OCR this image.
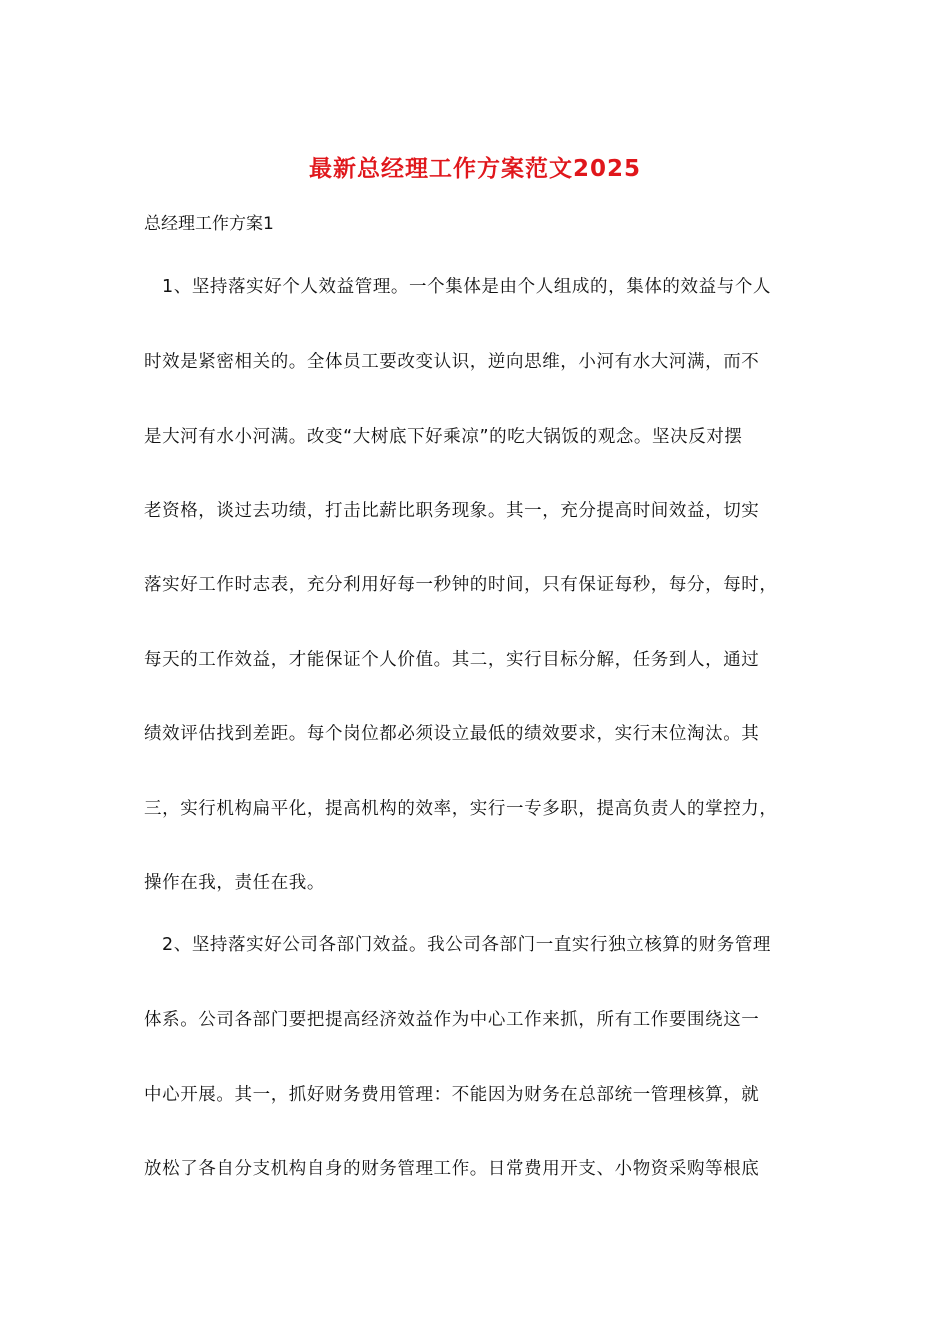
最新总经理工作方案范文2025
总经理工作方案1
1、坚持落实好个人效益管理。一个集体是由个人组成的，集体的效益与个人
时效是紧密相关的。全体员工要改变认识，逆向思维，小河有水大河满，而不
是大河有水小河满。改变“大树底下好乘凉”的吃大锅饭的观念。坚决反对摆
老资格，谈过去功绩，打击比薪比职务现象。其一，充分提高时间效益，切实
落实好工作时志表，充分利用好每一秒钟的时间，只有保证每秒，每分，每时，
每天的工作效益，才能保证个人价值。其二，实行目标分解，任务到人，通过
绩效评估找到差距。每个岗位都必须设立最低的绩效要求，实行末位淘汰。其
三，实行机构扁平化，提高机构的效率，实行一专多职，提高负责人的掌控力，
操作在我，责任在我。
2、坚持落实好公司各部门效益。我公司各部门一直实行独立核算的财务管理
体系。公司各部门要把提高经济效益作为中心工作来抓，所有工作要围绕这一
中心开展。其一，抓好财务费用管理：不能因为财务在总部统一管理核算，就
放松了各自分支机构自身的财务管理工作。日常费用开支、小物资采购等根底
